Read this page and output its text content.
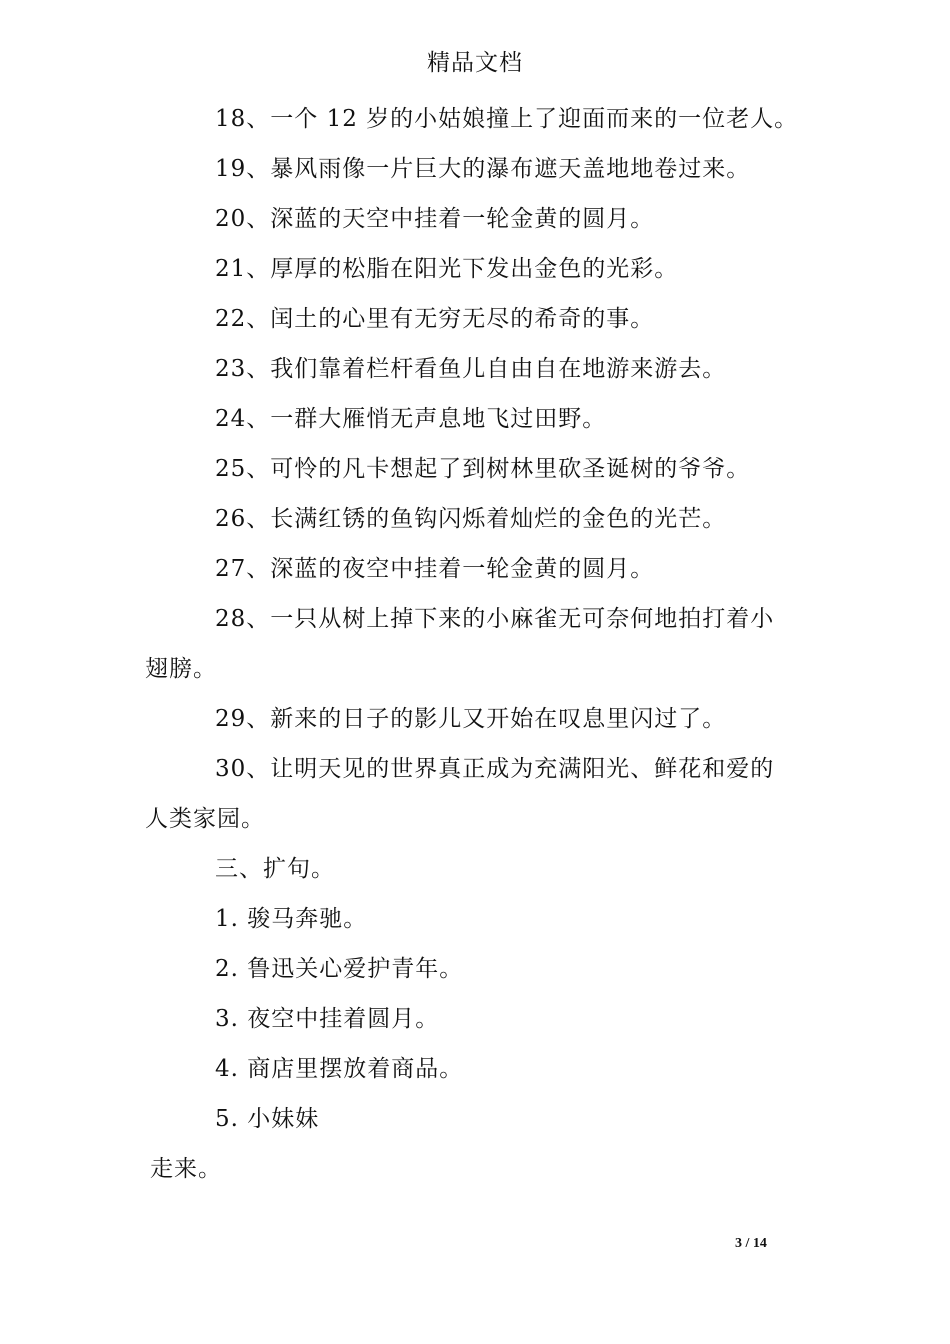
精品文档
18、一个 12 岁的小姑娘撞上了迎面而来的一位老人。
19、暴风雨像一片巨大的瀑布遮天盖地地卷过来。
20、深蓝的天空中挂着一轮金黄的圆月。
21、厚厚的松脂在阳光下发出金色的光彩。
22、闰土的心里有无穷无尽的希奇的事。
23、我们靠着栏杆看鱼儿自由自在地游来游去。
24、一群大雁悄无声息地飞过田野。
25、可怜的凡卡想起了到树林里砍圣诞树的爷爷。
26、长满红锈的鱼钩闪烁着灿烂的金色的光芒。
27、深蓝的夜空中挂着一轮金黄的圆月。
28、一只从树上掉下来的小麻雀无可奈何地拍打着小
翅膀。
29、新来的日子的影儿又开始在叹息里闪过了。
30、让明天见的世界真正成为充满阳光、鲜花和爱的
人类家园。
三、扩句。
1. 骏马奔驰。
2. 鲁迅关心爱护青年。
3. 夜空中挂着圆月。
4. 商店里摆放着商品。
5. 小妹妹
走来。
3 / 14
